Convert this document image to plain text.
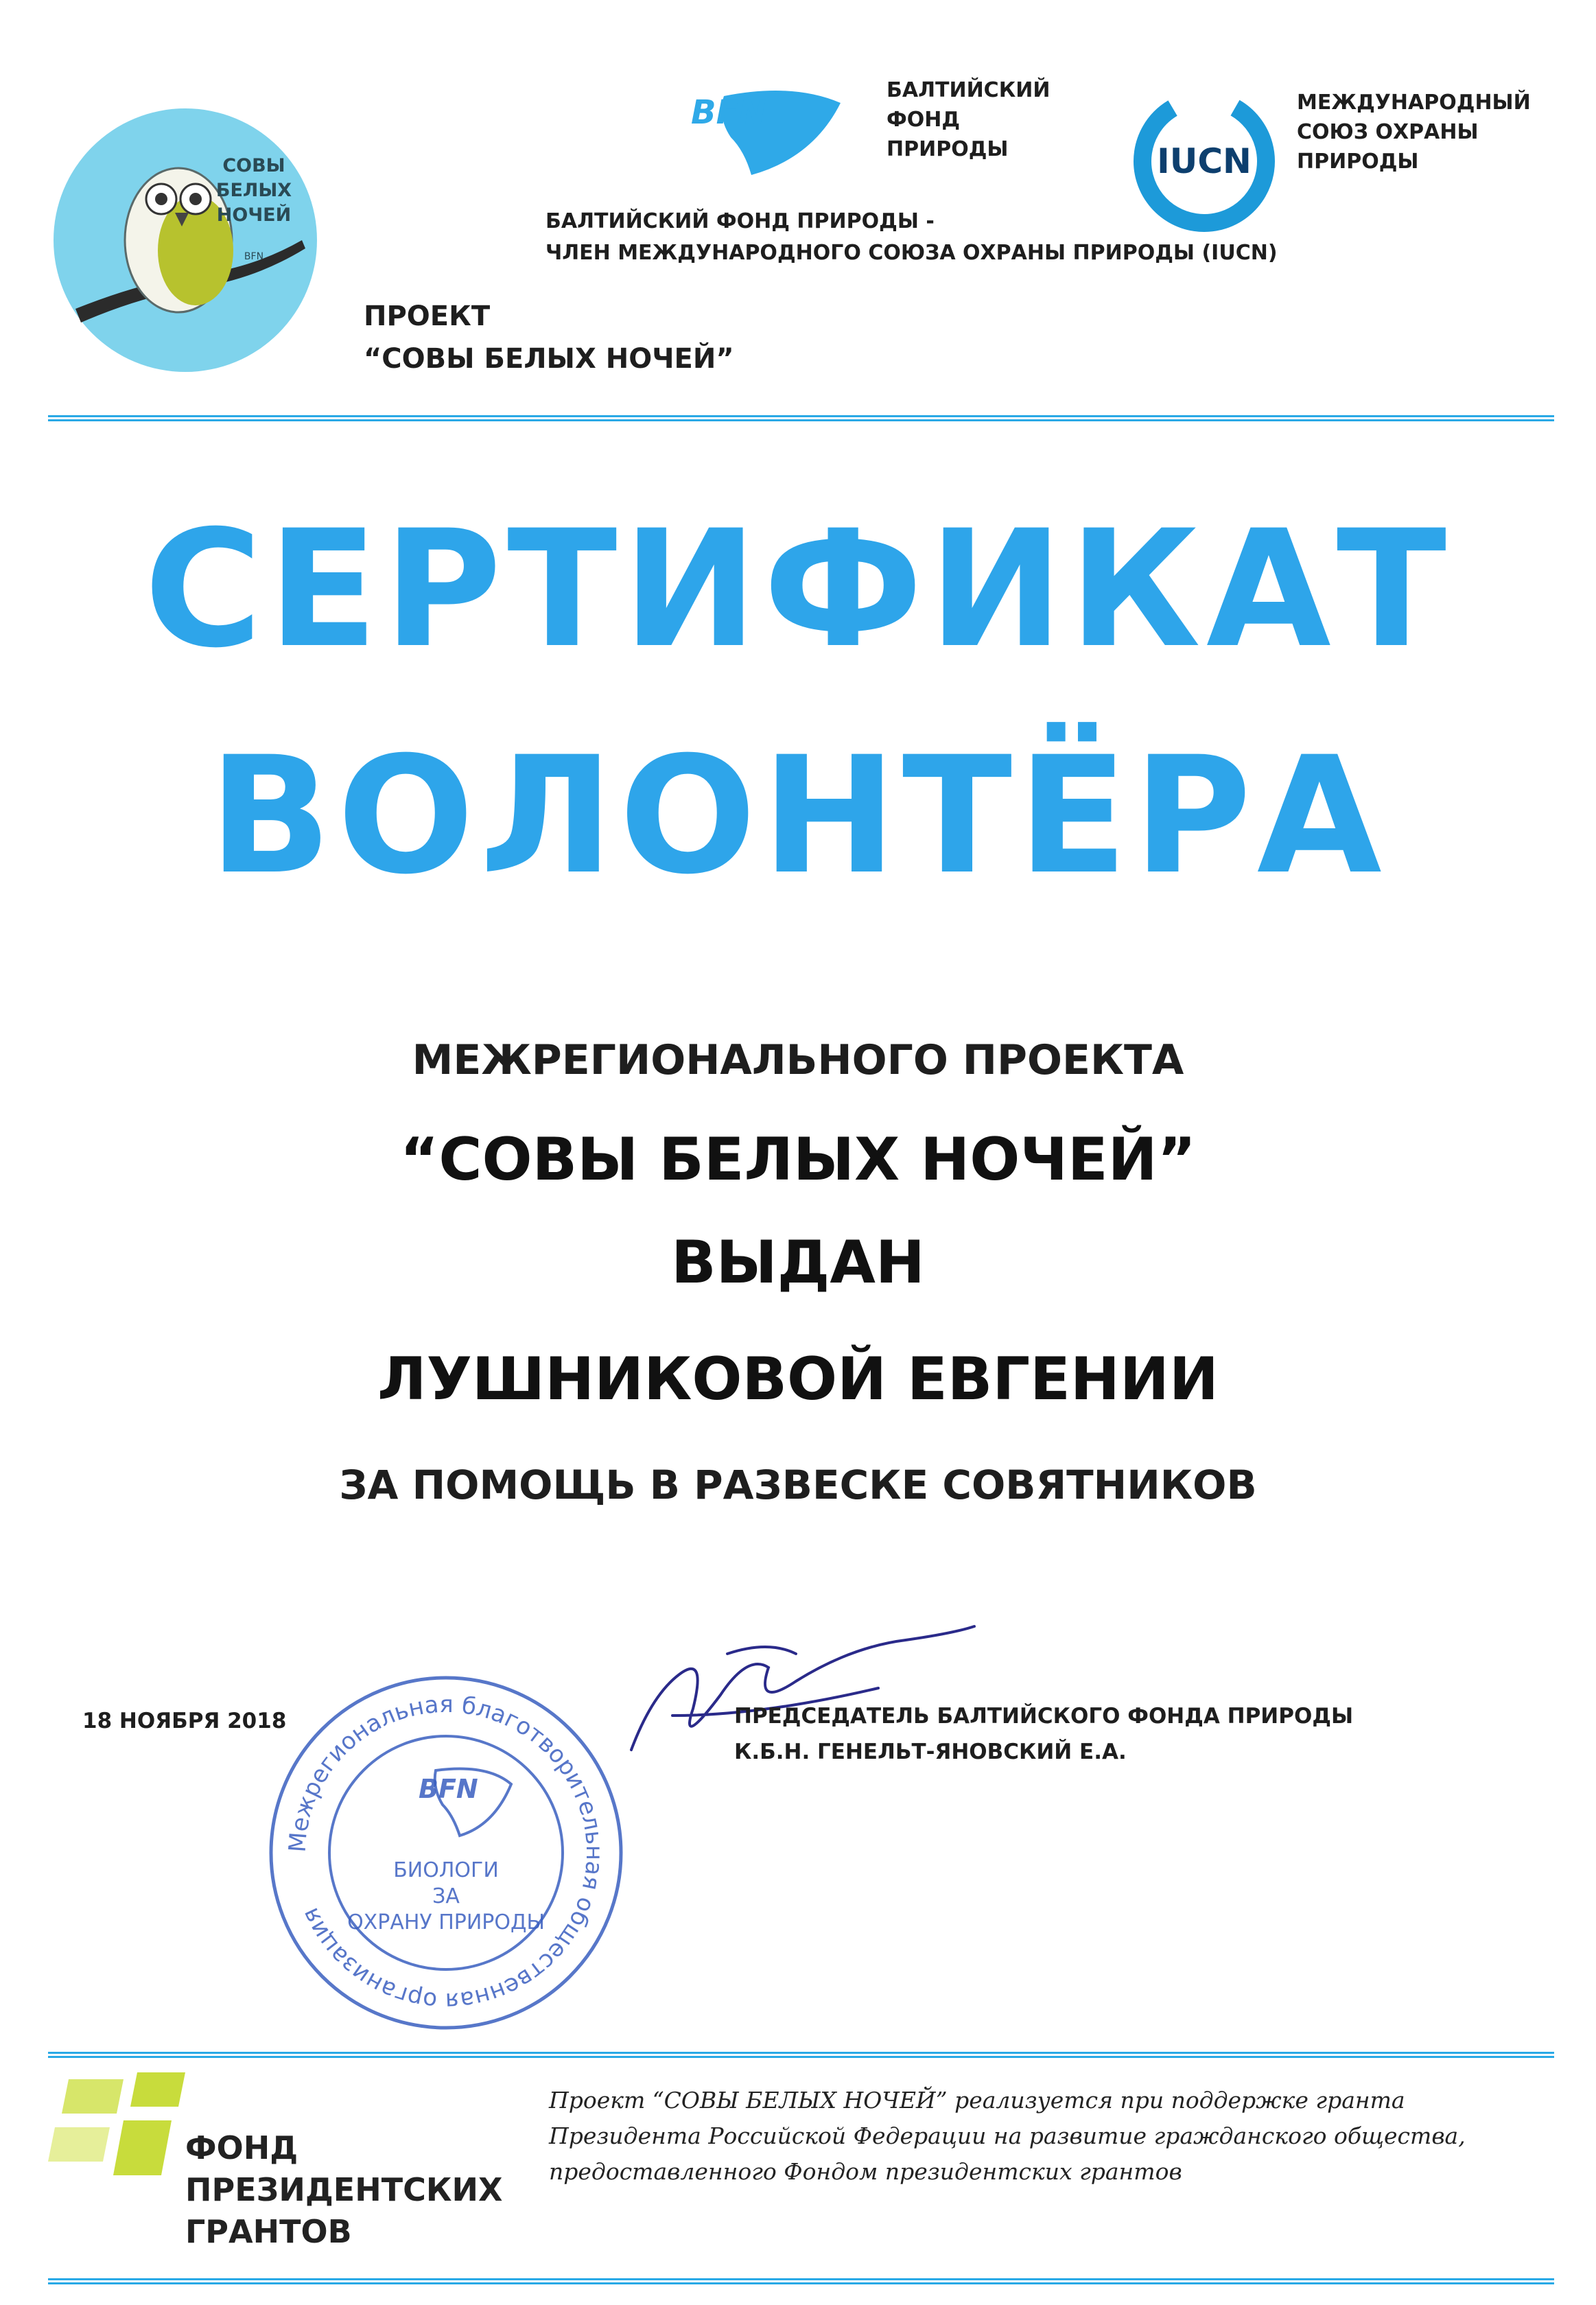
СОВЫ
БЕЛЫХ
НОЧЕЙ
BFN
BFN
БАЛТИЙСКИЙ
ФОНД
ПРИРОДЫ	IUCN
МЕЖДУНАРОДНЫЙ
СОЮЗ ОХРАНЫ
ПРИРОДЫ
БАЛТИЙСКИЙ ФОНД ПРИРОДЫ -
ЧЛЕН МЕЖДУНАРОДНОГО СОЮЗА ОХРАНЫ ПРИРОДЫ (IUCN)
ПРОЕКТ
“СОВЫ БЕЛЫХ НОЧЕЙ”
СЕРТИФИКАТ
ВОЛОНТЁРА
МЕЖРЕГИОНАЛЬНОГО ПРОЕКТА
“СОВЫ БЕЛЫХ НОЧЕЙ”
ВЫДАН
ЛУШНИКОВОЙ ЕВГЕНИИ
ЗА ПОМОЩЬ В РАЗВЕСКЕ СОВЯТНИКОВ
18 НОЯБРЯ 2018	ПРЕДСЕДАТЕЛЬ БАЛТИЙСКОГО ФОНДА ПРИРОДЫ
К.Б.Н. ГЕНЕЛЬТ-ЯНОВСКИЙ Е.А.
Межрегиональная благотворительная общественная организация
BFN
БИОЛОГИ
ЗА
ОХРАНУ ПРИРОДЫ
ФОНД
ПРЕЗИДЕНТСКИХ
ГРАНТОВ
Проект “СОВЫ БЕЛЫХ НОЧЕЙ” реализуется при поддержке гранта
Президента Российской Федерации на развитие гражданского общества,
предоставленного Фондом президентских грантов
